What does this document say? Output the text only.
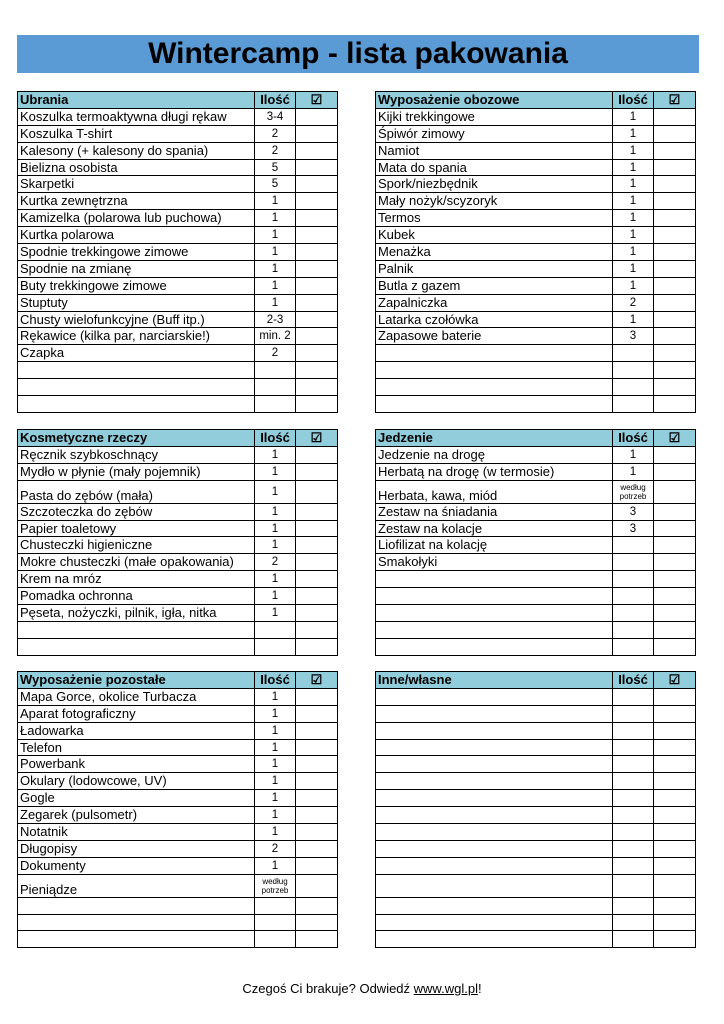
Wintercamp - lista pakowania
Ubrania	Ilość	☑
Koszulka termoaktywna długi rękaw	3-4	
Koszulka T-shirt	2	
Kalesony (+ kalesony do spania)	2	
Bielizna osobista	5	
Skarpetki	5	
Kurtka zewnętrzna	1	
Kamizelka (polarowa lub puchowa)	1	
Kurtka polarowa	1	
Spodnie trekkingowe zimowe	1	
Spodnie na zmianę	1	
Buty trekkingowe zimowe	1	
Stuptuty	1	
Chusty wielofunkcyjne (Buff itp.)	2-3	
Rękawice (kilka par, narciarskie!)	min. 2	
Czapka	2	

Wyposażenie obozowe	Ilość	☑
Kijki trekkingowe	1	
Śpiwór zimowy	1	
Namiot	1	
Mata do spania	1	
Spork/niezbędnik	1	
Mały nożyk/scyzoryk	1	
Termos	1	
Kubek	1	
Menażka	1	
Palnik	1	
Butla z gazem	1	
Zapalniczka	2	
Latarka czołówka	1	
Zapasowe baterie	3	

Kosmetyczne rzeczy	Ilość	☑
Ręcznik szybkoschnący	1	
Mydło w płynie (mały pojemnik)	1	
Pasta do zębów (mała)	1	
Szczoteczka do zębów	1	
Papier toaletowy	1	
Chusteczki higieniczne	1	
Mokre chusteczki (małe opakowania)	2	
Krem na mróz	1	
Pomadka ochronna	1	
Pęseta, nożyczki, pilnik, igła, nitka	1	

Jedzenie	Ilość	☑
Jedzenie na drogę	1	
Herbatą na drogę (w termosie)	1	
Herbata, kawa, miód	według potrzeb	
Zestaw na śniadania	3	
Zestaw na kolacje	3	
Liofilizat na kolację		
Smakołyki		

Wyposażenie pozostałe	Ilość	☑
Mapa Gorce, okolice Turbacza	1	
Aparat fotograficzny	1	
Ładowarka	1	
Telefon	1	
Powerbank	1	
Okulary (lodowcowe, UV)	1	
Gogle	1	
Zegarek (pulsometr)	1	
Notatnik	1	
Długopisy	2	
Dokumenty	1	
Pieniądze	według potrzeb	

Inne/własne	Ilość	☑

Czegoś Ci brakuje? Odwiedź www.wgl.pl!
